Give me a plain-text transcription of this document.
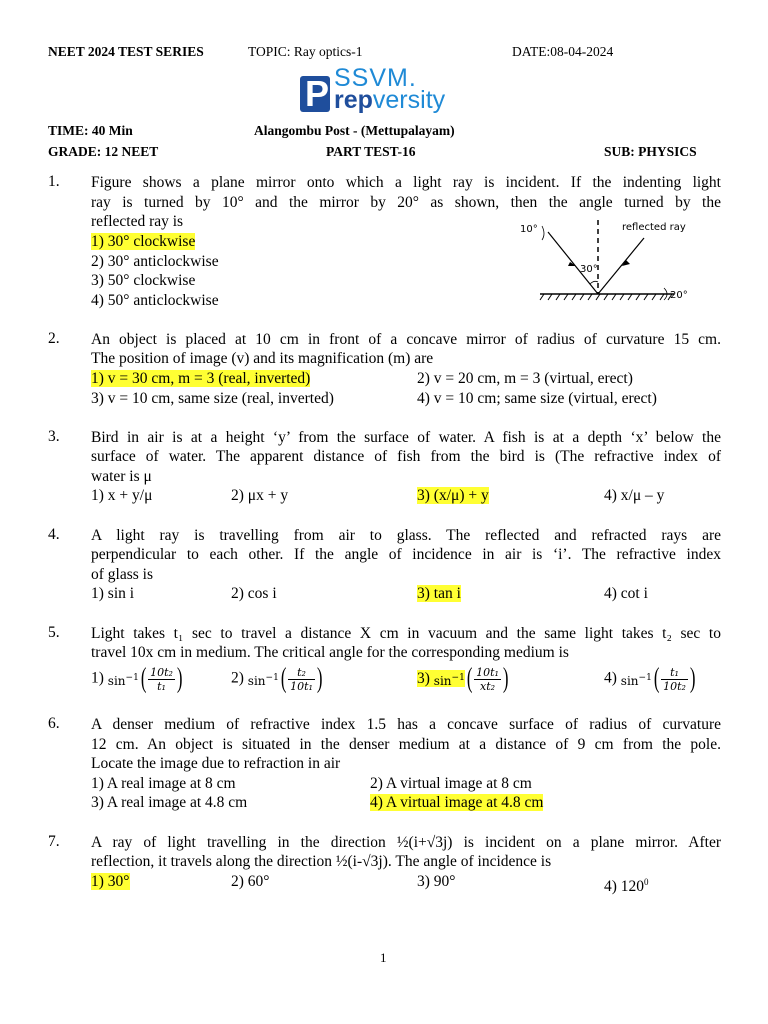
NEET 2024 TEST SERIES	TOPIC: Ray optics-1	DATE:08-04-2024
P SSVM.
repversity
TIME: 40 Min	Alangombu Post - (Mettupalayam)
GRADE: 12 NEET	PART TEST-16	SUB: PHYSICS
1. Figure shows a plane mirror onto which a light ray is incident. If the indenting light
ray is turned by 10° and the mirror by 20° as shown, then the angle turned by the
reflected ray is
1) 30° clockwise
2) 30° anticlockwise
3) 50° clockwise
4) 50° anticlockwise
30°
10°
20°
reflected ray
2. An object is placed at 10 cm in front of a concave mirror of radius of curvature 15 cm.
The position of image (v) and its magnification (m) are
1) v = 30 cm, m = 3 (real, inverted)	2) v = 20 cm, m = 3 (virtual, erect)
3) v = 10 cm, same size (real, inverted)	4) v = 10 cm; same size (virtual, erect)
3. Bird in air is at a height ‘y’ from the surface of water. A fish is at a depth ‘x’ below the
surface of water. The apparent distance of fish from the bird is (The refractive index of
water is μ
1) x + y/μ	2) μx + y	3) (x/μ) + y	4) x/μ – y
4. A light ray is travelling from air to glass. The reflected and refracted rays are
perpendicular to each other. If the angle of incidence in air is ‘i’. The refractive index
of glass is
1) sin i	2) cos i	3) tan i	4) cot i
5. Light takes t₁ sec to travel a distance X cm in vacuum and the same light takes t₂ sec to
travel 10x cm in medium. The critical angle for the corresponding medium is
1) $\sin^{-1}( \frac{\text{10t₂}}{\text{t₁}}$ )	2) $\sin^{-1}( \frac{\text{t₂}}{\text{10t₁}}$ )	3) $\sin^{-1}( \frac{\text{10t₁}}{\text{xt₂}}$ )	4) $\sin^{-1}( \frac{\text{t₁}}{\text{10t₂}}$ )
6. A denser medium of refractive index 1.5 has a concave surface of radius of curvature
12 cm. An object is situated in the denser medium at a distance of 9 cm from the pole.
Locate the image due to refraction in air
1) A real image at 8 cm	2) A virtual image at 8 cm
3) A real image at 4.8 cm	4) A virtual image at 4.8 cm
7. A ray of light travelling in the direction ½(i+√3j) is incident on a plane mirror. After
reflection, it travels along the direction ½(i-√3j). The angle of incidence is
1) 30°	2) 60°	3) 90°	4) $120^0$
1
